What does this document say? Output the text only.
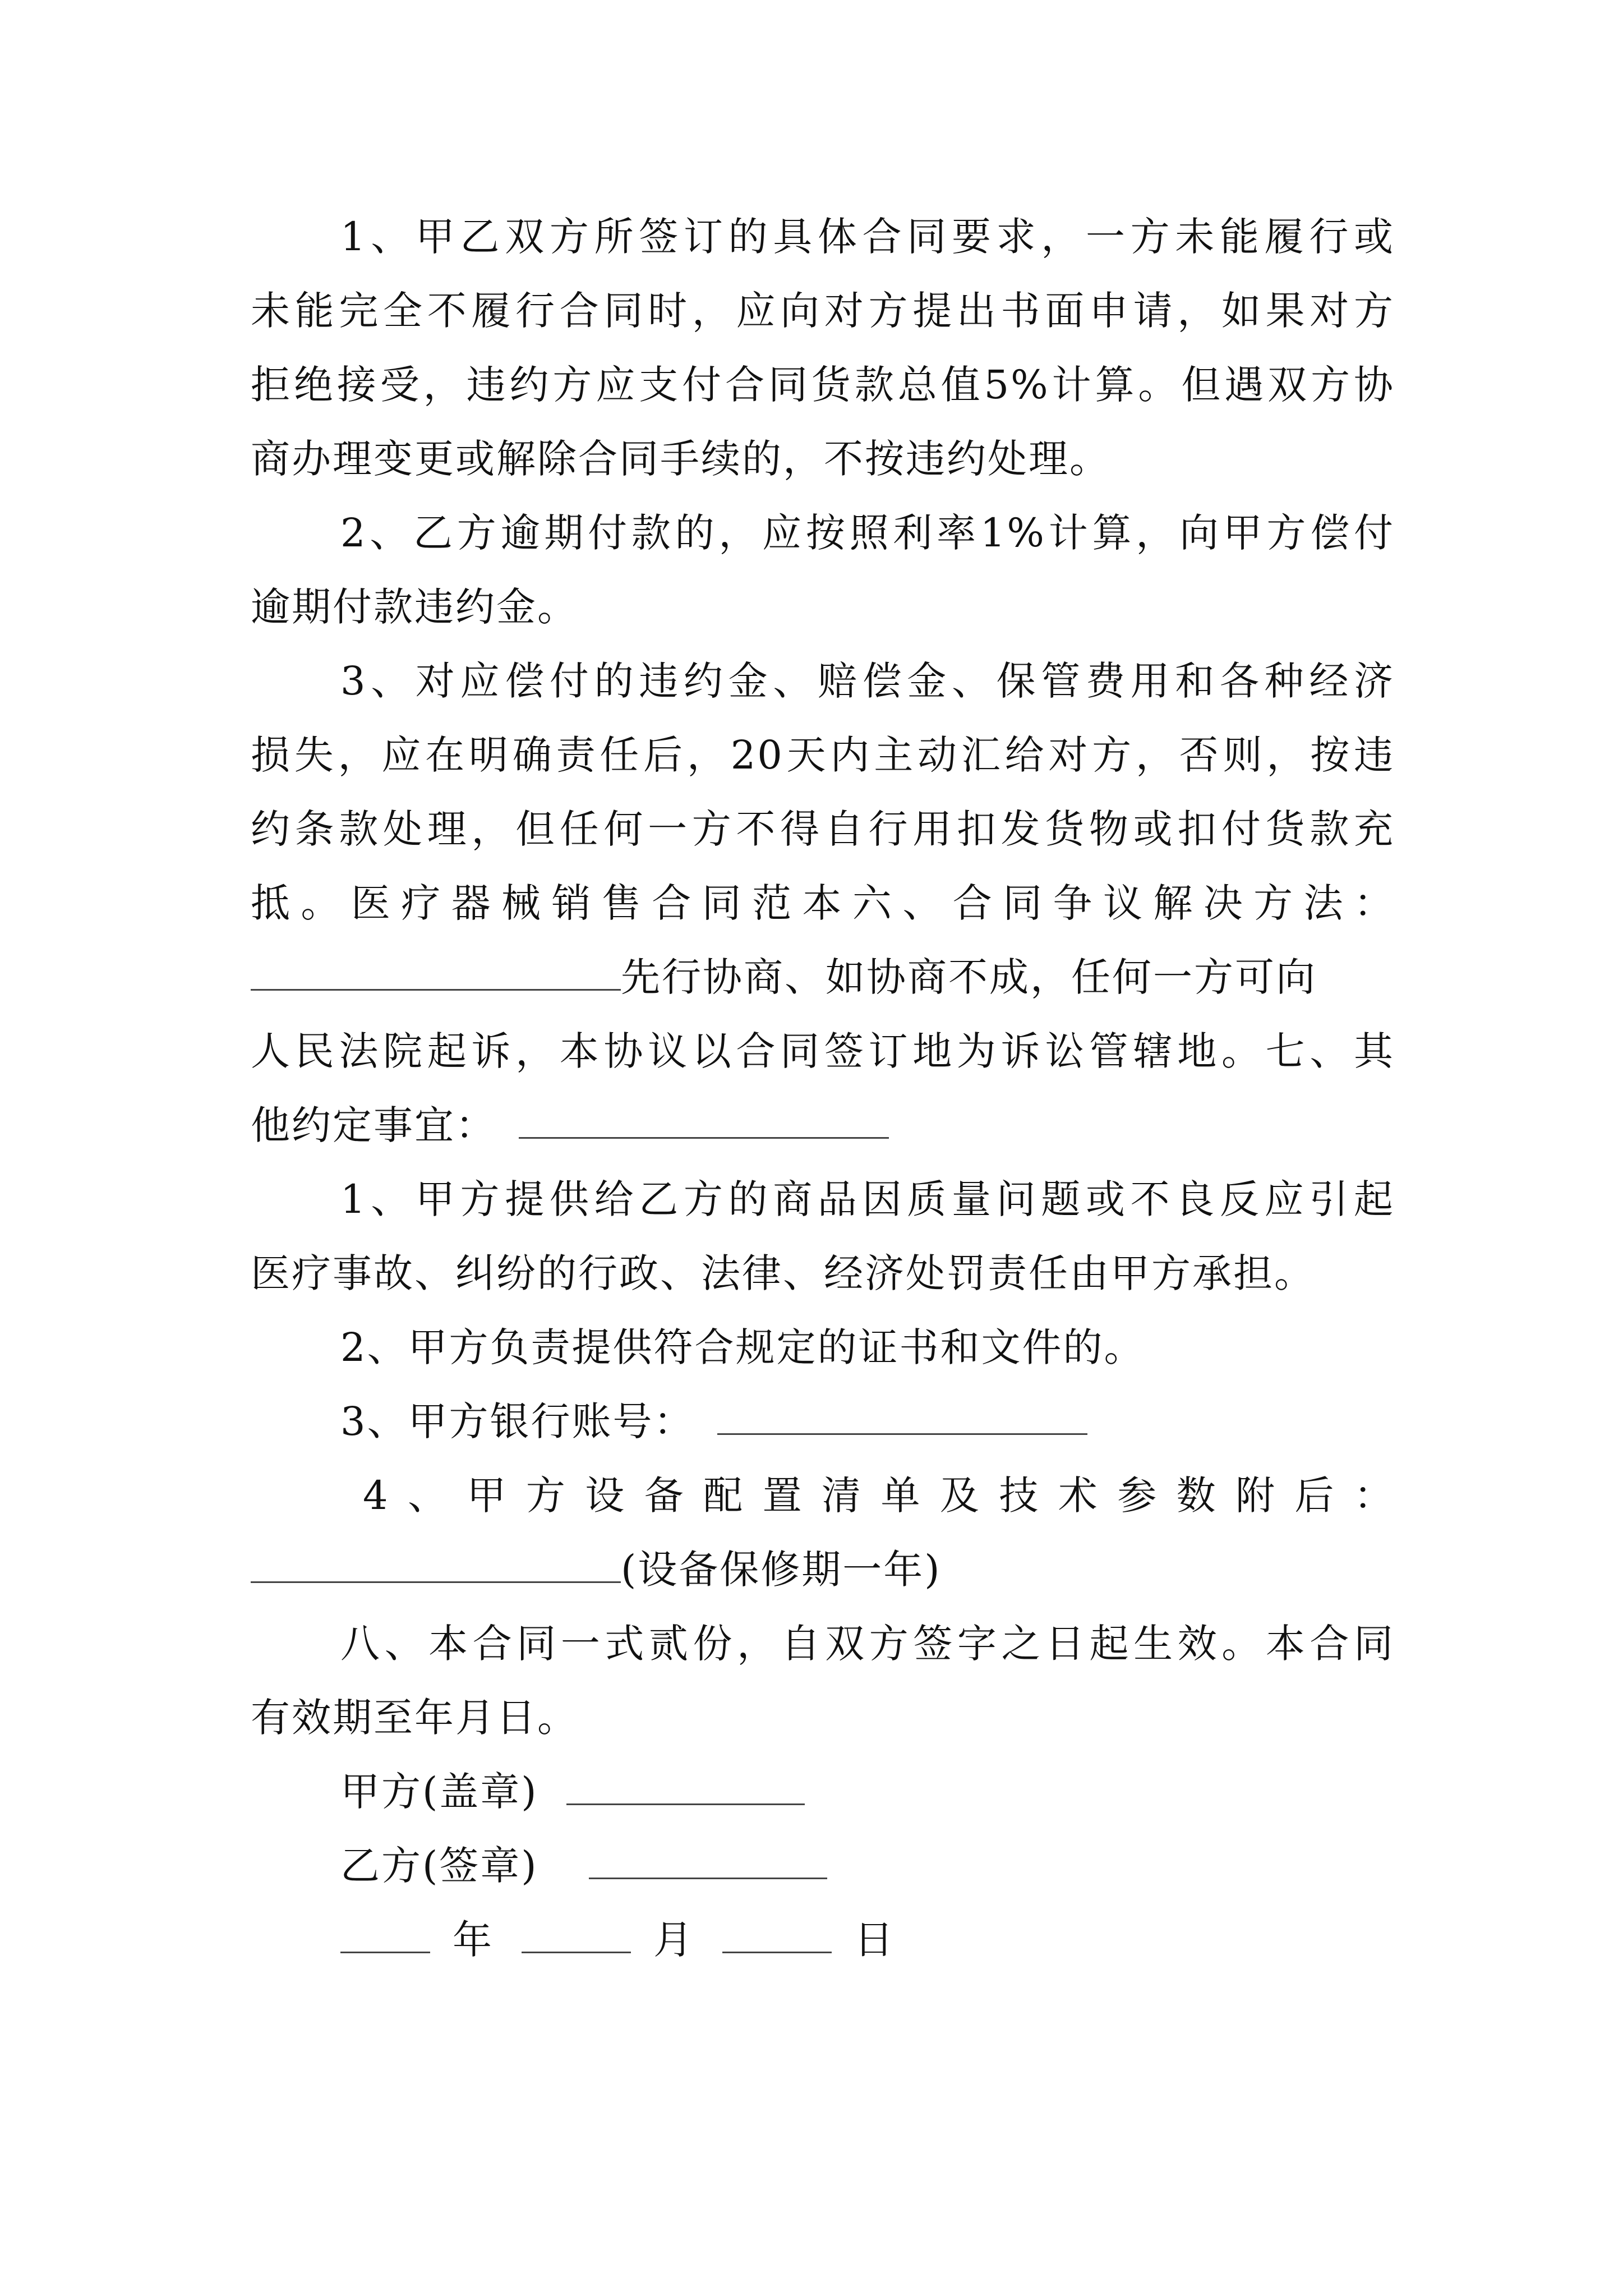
1、甲乙双方所签订的具体合同要求，一方未能履行或
未能完全不履行合同时，应向对方提出书面申请，如果对方
拒绝接受，违约方应支付合同货款总值5%计算。但遇双方协
商办理变更或解除合同手续的，不按违约处理。
2、乙方逾期付款的，应按照利率1%计算，向甲方偿付
逾期付款违约金。
3、对应偿付的违约金、赔偿金、保管费用和各种经济
损失，应在明确责任后，20天内主动汇给对方，否则，按违
约条款处理，但任何一方不得自行用扣发货物或扣付货款充
抵。医疗器械销售合同范本六、合同争议解决方法：
先行协商、如协商不成，任何一方可向
人民法院起诉，本协议以合同签订地为诉讼管辖地。七、其
他约定事宜：
1、甲方提供给乙方的商品因质量问题或不良反应引起
医疗事故、纠纷的行政、法律、经济处罚责任由甲方承担。
2、甲方负责提供符合规定的证书和文件的。
3、甲方银行账号：
4、甲方设备配置清单及技术参数附后：
(设备保修期一年)
八、本合同一式贰份，自双方签字之日起生效。本合同
有效期至年月日。
甲方(盖章)
乙方(签章)
年	月	日
